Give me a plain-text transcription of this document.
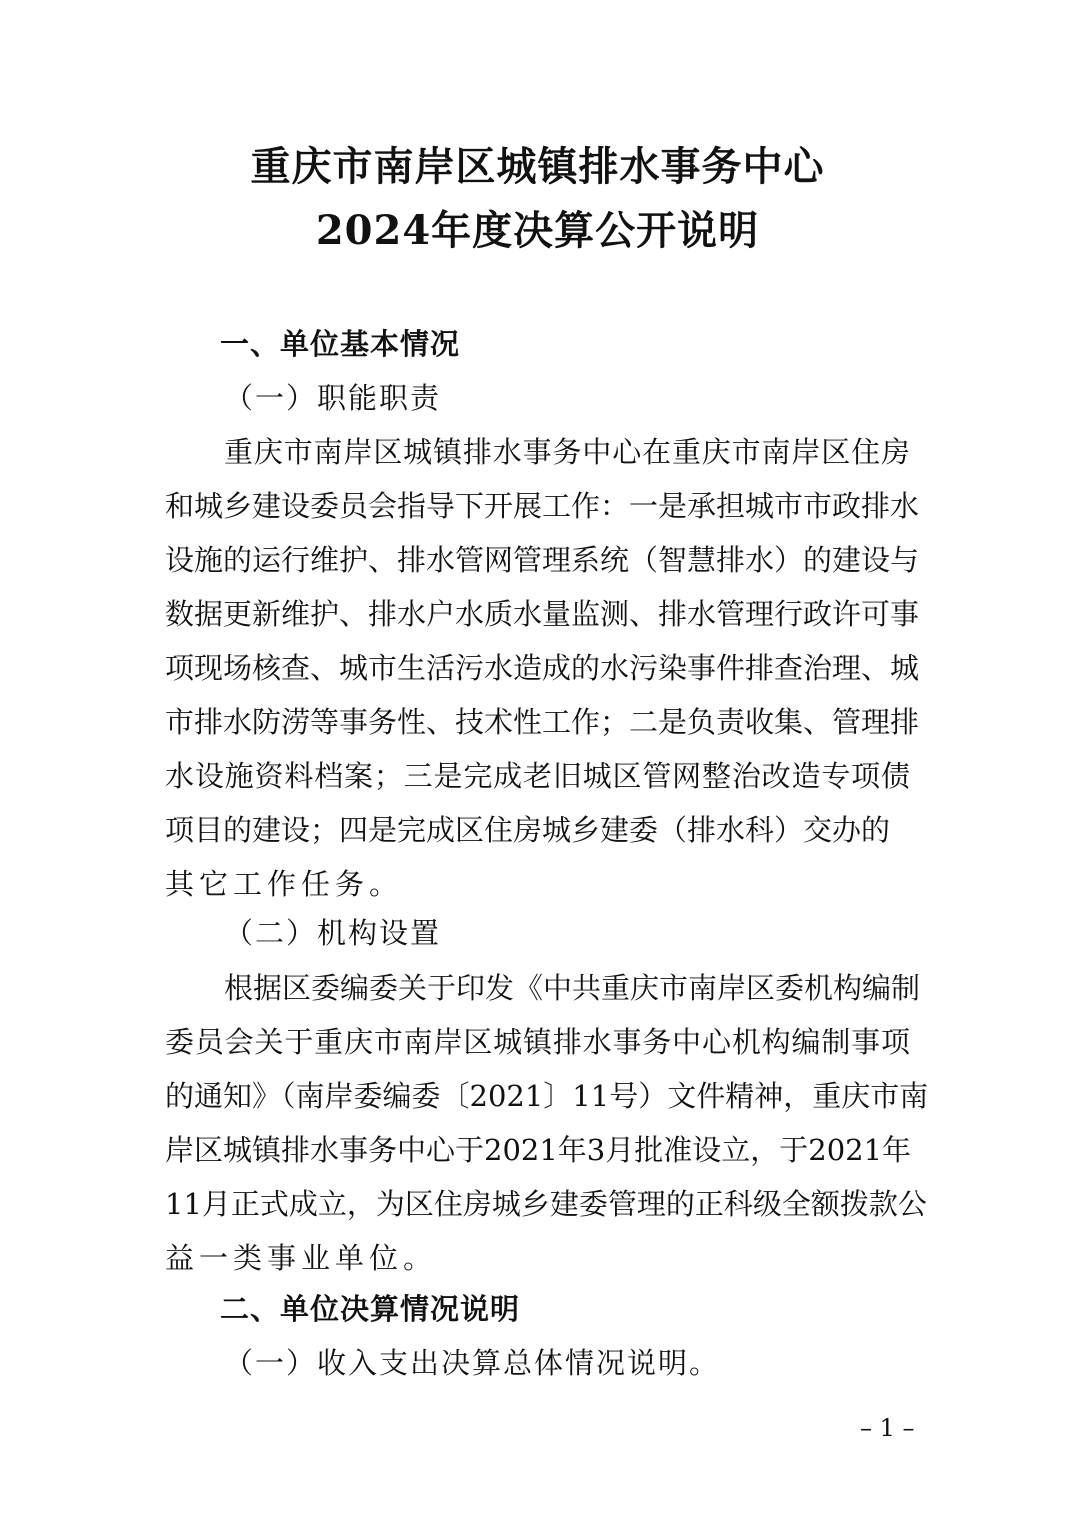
重庆市南岸区城镇排水事务中心
2024年度决算公开说明
一、单位基本情况
（一）职能职责
重庆市南岸区城镇排水事务中心在重庆市南岸区住房
和城乡建设委员会指导下开展工作：一是承担城市市政排水
设施的运行维护、排水管网管理系统（智慧排水）的建设与
数据更新维护、排水户水质水量监测、排水管理行政许可事
项现场核查、城市生活污水造成的水污染事件排查治理、城
市排水防涝等事务性、技术性工作；二是负责收集、管理排
水设施资料档案；三是完成老旧城区管网整治改造专项债
项目的建设；四是完成区住房城乡建委（排水科）交办的
其它工作任务。
（二）机构设置
根据区委编委关于印发《中共重庆市南岸区委机构编制
委员会关于重庆市南岸区城镇排水事务中心机构编制事项
的通知》（南岸委编委〔2021〕11号）文件精神，重庆市南
岸区城镇排水事务中心于2021年3月批准设立，于2021年
11月正式成立，为区住房城乡建委管理的正科级全额拨款公
益一类事业单位。
二、单位决算情况说明
（一）收入支出决算总体情况说明。
– 1 –
